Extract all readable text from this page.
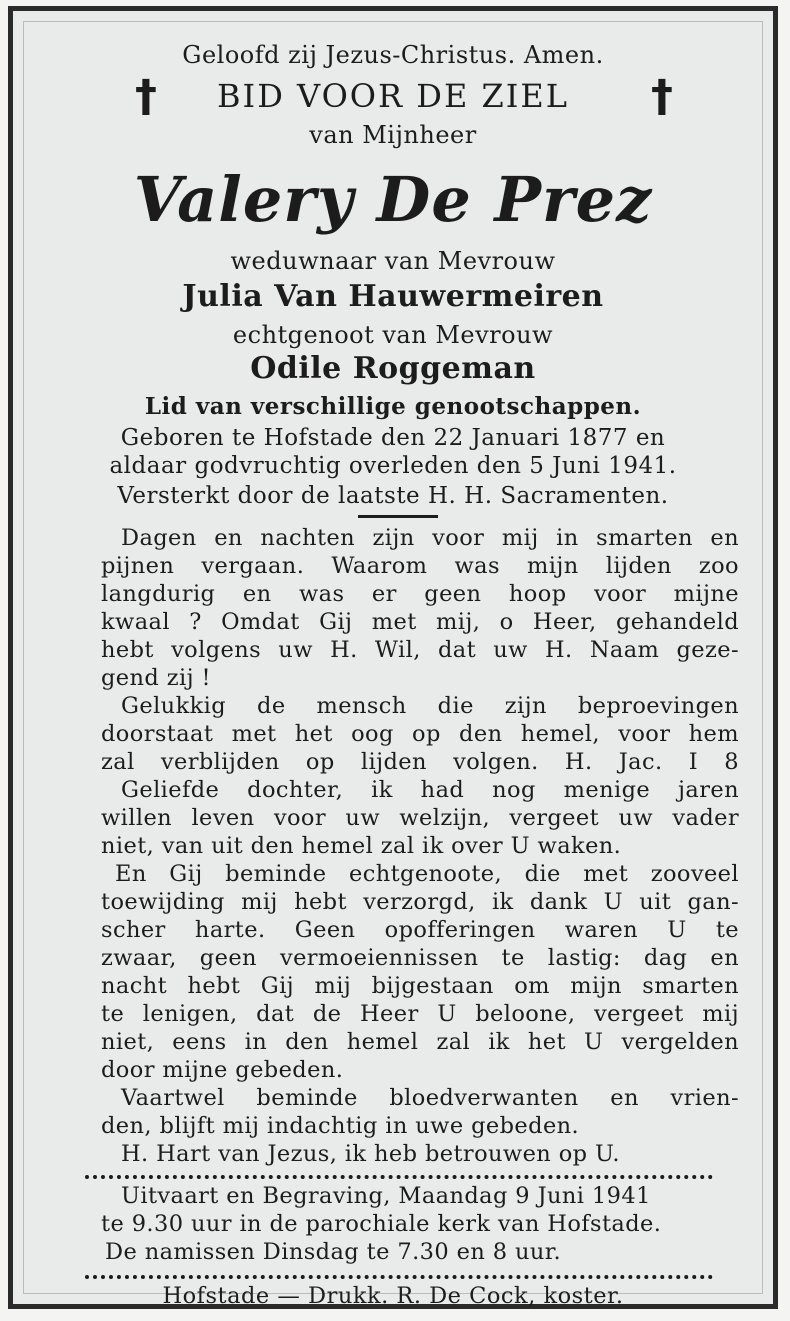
Geloofd zij Jezus-Christus. Amen.
†	†
BID VOOR DE ZIEL
van Mijnheer
Valery De Prez
weduwnaar van Mevrouw
Julia Van Hauwermeiren
echtgenoot van Mevrouw
Odile Roggeman
Lid van verschillige genootschappen.
Geboren te Hofstade den 22 Januari 1877 en
aldaar godvruchtig overleden den 5 Juni 1941.
Versterkt door de laatste H. H. Sacramenten.
Dagen en nachten zijn voor mij in smarten en
pijnen vergaan. Waarom was mijn lijden zoo
langdurig en was er geen hoop voor mijne
kwaal ? Omdat Gij met mij, o Heer, gehandeld
hebt volgens uw H. Wil, dat uw H. Naam geze-
gend zij !
Gelukkig de mensch die zijn beproevingen
doorstaat met het oog op den hemel, voor hem
zal verblijden op lijden volgen. H. Jac. I 8
Geliefde dochter, ik had nog menige jaren
willen leven voor uw welzijn, vergeet uw vader
niet, van uit den hemel zal ik over U waken.
En Gij beminde echtgenoote, die met zooveel
toewijding mij hebt verzorgd, ik dank U uit gan-
scher harte. Geen opofferingen waren U te
zwaar, geen vermoeiennissen te lastig: dag en
nacht hebt Gij mij bijgestaan om mijn smarten
te lenigen, dat de Heer U beloone, vergeet mij
niet, eens in den hemel zal ik het U vergelden
door mijne gebeden.
Vaartwel beminde bloedverwanten en vrien-
den, blijft mij indachtig in uwe gebeden.
H. Hart van Jezus, ik heb betrouwen op U.
Uitvaart en Begraving, Maandag 9 Juni 1941
te 9.30 uur in de parochiale kerk van Hofstade.
De namissen Dinsdag te 7.30 en 8 uur.
Hofstade — Drukk. R. De Cock, koster.
